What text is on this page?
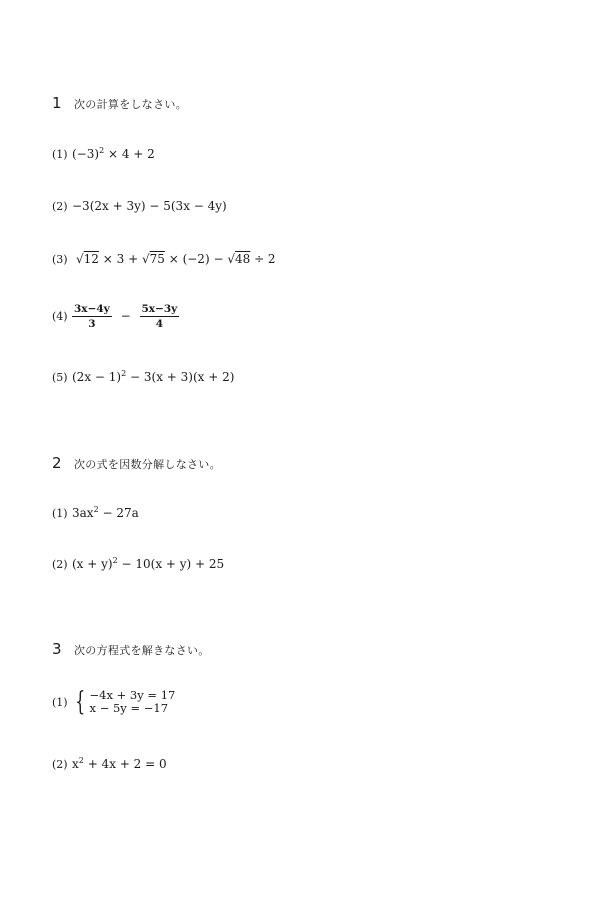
1	次の計算をしなさい。
(1) $(-3)^2 \times 4 + 2$
(2) −3(2x + 3y) − 5(3x − 4y)
(3) √12 × 3 + √75 × (−2) − √48 ÷ 2
$(4) \frac{3x-4y}{3} - \frac{5x-3y}{4}$
(5) $(2x - 1)^2 - 3(x + 3)(x + 2)$
2	次の式を因数分解しなさい。
(1) $3ax^2 - 27a$
(2) $(x + y)^2 - 10(x + y) + 25$
3	次の方程式を解きなさい。
(1) { −4x + 3y = 17
x − 5y = −17
(2) $x^2 + 4x + 2 = 0$
